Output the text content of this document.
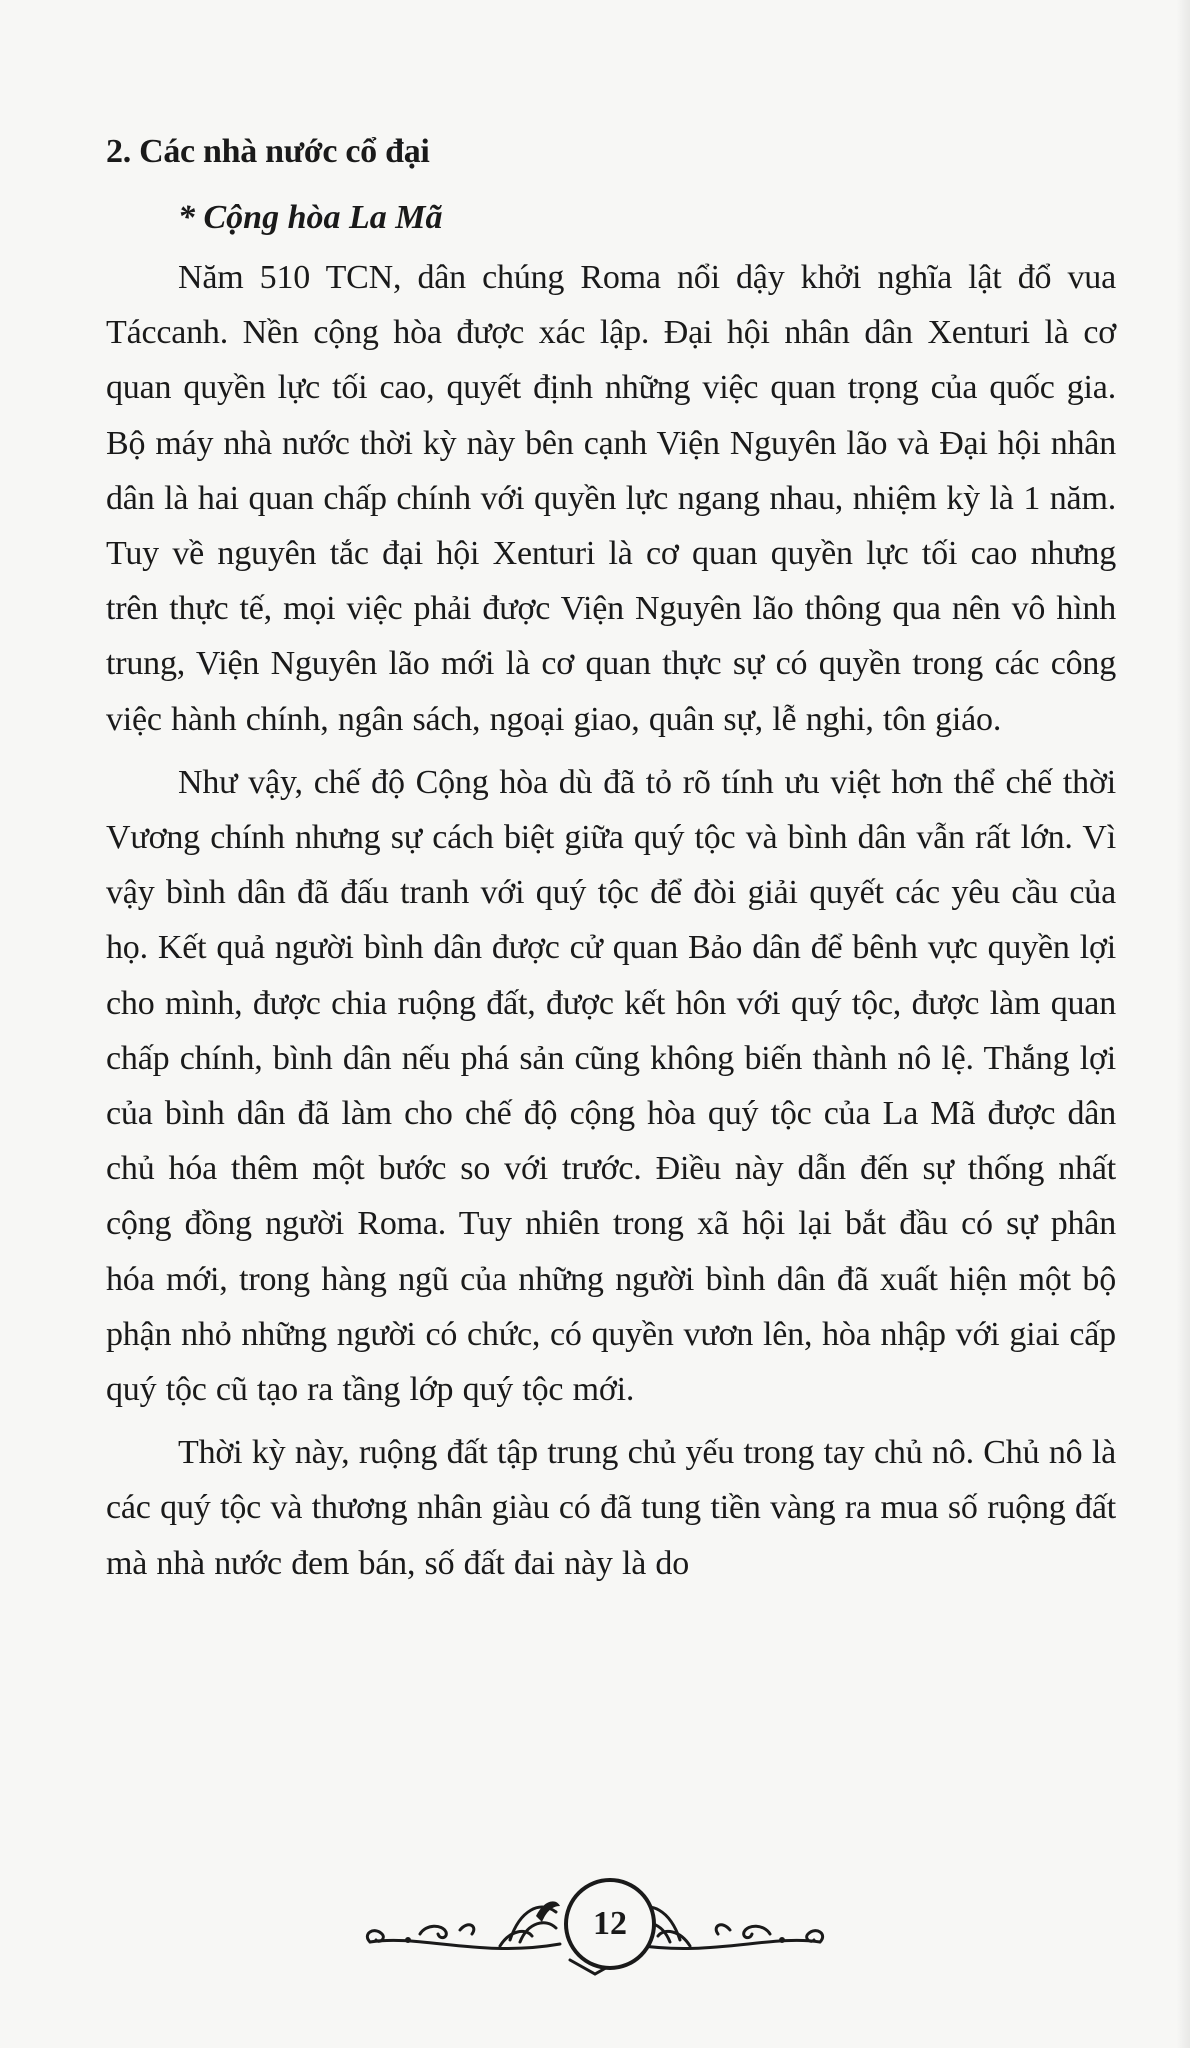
2. Các nhà nước cổ đại
* Cộng hòa La Mã

Năm 510 TCN, dân chúng Roma nổi dậy khởi nghĩa lật đổ vua Táccanh. Nền cộng hòa được xác lập. Đại hội nhân dân Xenturi là cơ quan quyền lực tối cao, quyết định những việc quan trọng của quốc gia. Bộ máy nhà nước thời kỳ này bên cạnh Viện Nguyên lão và Đại hội nhân dân là hai quan chấp chính với quyền lực ngang nhau, nhiệm kỳ là 1 năm. Tuy về nguyên tắc đại hội Xenturi là cơ quan quyền lực tối cao nhưng trên thực tế, mọi việc phải được Viện Nguyên lão thông qua nên vô hình trung, Viện Nguyên lão mới là cơ quan thực sự có quyền trong các công việc hành chính, ngân sách, ngoại giao, quân sự, lễ nghi, tôn giáo.

Như vậy, chế độ Cộng hòa dù đã tỏ rõ tính ưu việt hơn thể chế thời Vương chính nhưng sự cách biệt giữa quý tộc và bình dân vẫn rất lớn. Vì vậy bình dân đã đấu tranh với quý tộc để đòi giải quyết các yêu cầu của họ. Kết quả người bình dân được cử quan Bảo dân để bênh vực quyền lợi cho mình, được chia ruộng đất, được kết hôn với quý tộc, được làm quan chấp chính, bình dân nếu phá sản cũng không biến thành nô lệ. Thắng lợi của bình dân đã làm cho chế độ cộng hòa quý tộc của La Mã được dân chủ hóa thêm một bước so với trước. Điều này dẫn đến sự thống nhất cộng đồng người Roma. Tuy nhiên trong xã hội lại bắt đầu có sự phân hóa mới, trong hàng ngũ của những người bình dân đã xuất hiện một bộ phận nhỏ những người có chức, có quyền vươn lên, hòa nhập với giai cấp quý tộc cũ tạo ra tầng lớp quý tộc mới.

Thời kỳ này, ruộng đất tập trung chủ yếu trong tay chủ nô. Chủ nô là các quý tộc và thương nhân giàu có đã tung tiền vàng ra mua số ruộng đất mà nhà nước đem bán, số đất đai này là do

12
